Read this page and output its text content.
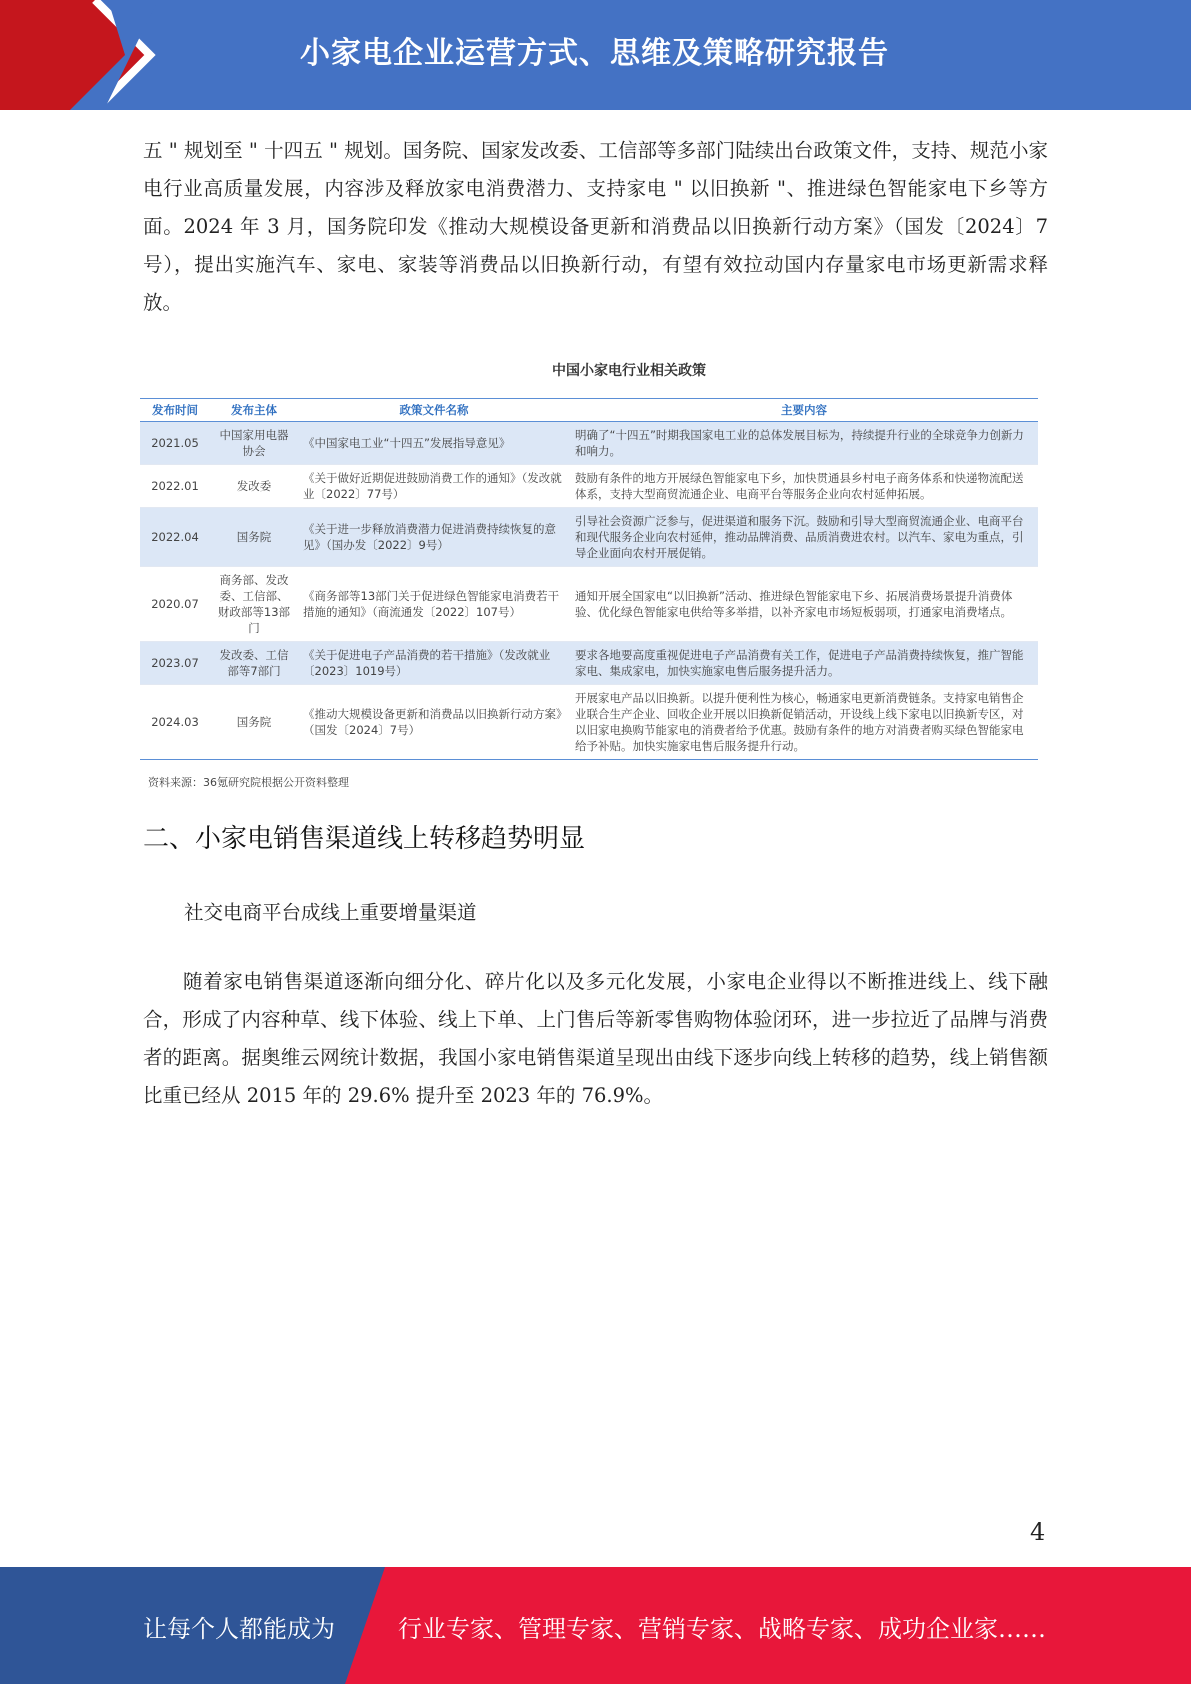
小家电企业运营方式、思维及策略研究报告
五 " 规划至 " 十四五 " 规划。国务院、国家发改委、工信部等多部门陆续出台政策文件，支持、规范小家电行业高质量发展，内容涉及释放家电消费潜力、支持家电 " 以旧换新 "、推进绿色智能家电下乡等方面。2024 年 3 月，国务院印发《推动大规模设备更新和消费品以旧换新行动方案》（国发〔2024〕7 号），提出实施汽车、家电、家装等消费品以旧换新行动，有望有效拉动国内存量家电市场更新需求释放。
中国小家电行业相关政策
发布时间	发布主体	政策文件名称	主要内容
2021.05	中国家用电器协会	《中国家电工业“十四五”发展指导意见》	明确了“十四五”时期我国家电工业的总体发展目标为，持续提升行业的全球竞争力创新力和响力。
2022.01	发改委	《关于做好近期促进鼓励消费工作的通知》（发改就业〔2022〕77号）	鼓励有条件的地方开展绿色智能家电下乡，加快贯通县乡村电子商务体系和快递物流配送体系，支持大型商贸流通企业、电商平台等服务企业向农村延伸拓展。
2022.04	国务院	《关于进一步释放消费潜力促进消费持续恢复的意见》（国办发〔2022〕9号）	引导社会资源广泛参与，促进渠道和服务下沉。鼓励和引导大型商贸流通企业、电商平台和现代服务企业向农村延伸，推动品牌消费、品质消费进农村。以汽车、家电为重点，引导企业面向农村开展促销。
2020.07	商务部、发改委、工信部、财政部等13部门	《商务部等13部门关于促进绿色智能家电消费若干措施的通知》（商流通发〔2022〕107号）	通知开展全国家电“以旧换新”活动、推进绿色智能家电下乡、拓展消费场景提升消费体验、优化绿色智能家电供给等多举措，以补齐家电市场短板弱项，打通家电消费堵点。
2023.07	发改委、工信部等7部门	《关于促进电子产品消费的若干措施》（发改就业〔2023〕1019号）	要求各地要高度重视促进电子产品消费有关工作，促进电子产品消费持续恢复，推广智能家电、集成家电，加快实施家电售后服务提升活力。
2024.03	国务院	《推动大规模设备更新和消费品以旧换新行动方案》（国发〔2024〕7号）	开展家电产品以旧换新。以提升便利性为核心，畅通家电更新消费链条。支持家电销售企业联合生产企业、回收企业开展以旧换新促销活动，开设线上线下家电以旧换新专区，对以旧家电换购节能家电的消费者给予优惠。鼓励有条件的地方对消费者购买绿色智能家电给予补贴。加快实施家电售后服务提升行动。
资料来源：36氪研究院根据公开资料整理
二、小家电销售渠道线上转移趋势明显
社交电商平台成线上重要增量渠道
随着家电销售渠道逐渐向细分化、碎片化以及多元化发展，小家电企业得以不断推进线上、线下融合，形成了内容种草、线下体验、线上下单、上门售后等新零售购物体验闭环，进一步拉近了品牌与消费者的距离。据奥维云网统计数据，我国小家电销售渠道呈现出由线下逐步向线上转移的趋势，线上销售额比重已经从 2015 年的 29.6% 提升至 2023 年的 76.9%。
4
让每个人都能成为	行业专家、管理专家、营销专家、战略专家、成功企业家……
